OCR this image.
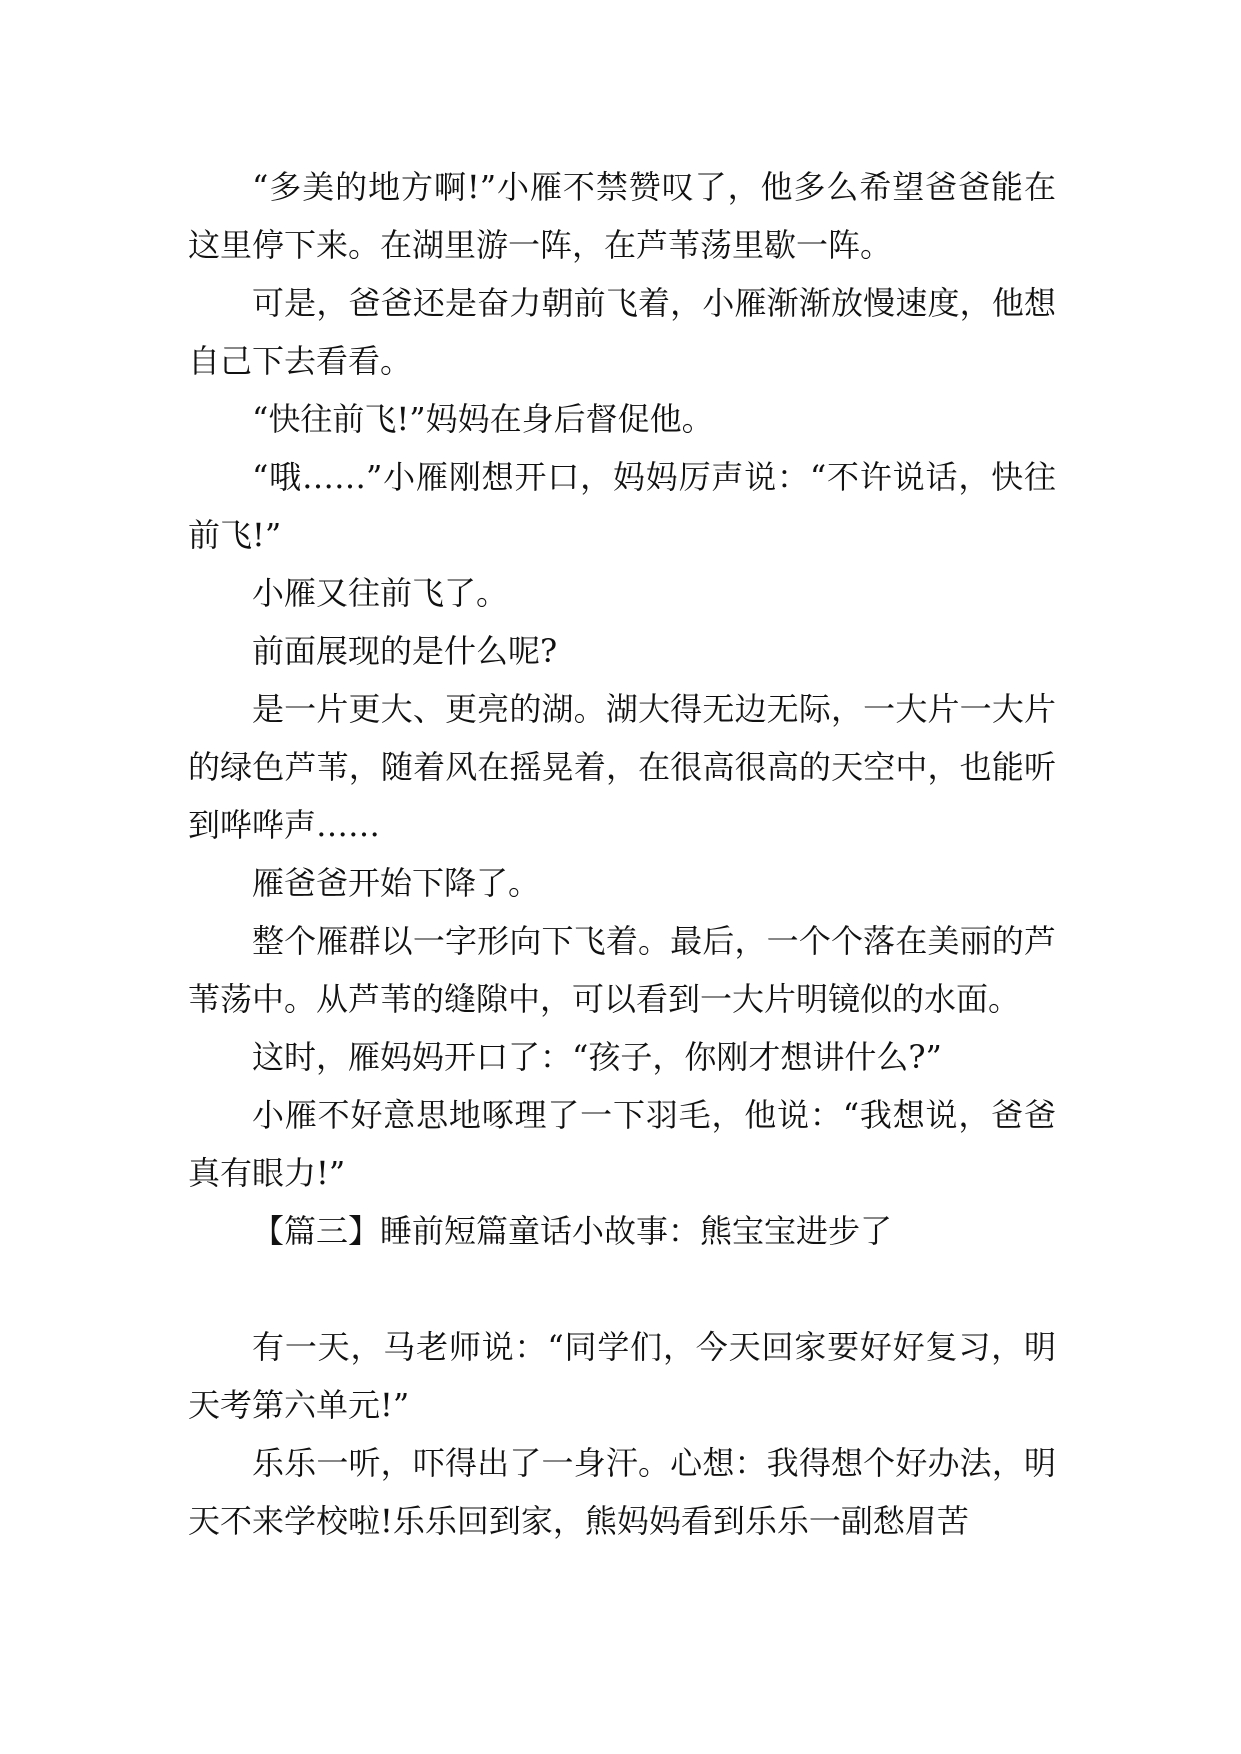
“多美的地方啊!”小雁不禁赞叹了，他多么希望爸爸能在这里停下来。在湖里游一阵，在芦苇荡里歇一阵。

可是，爸爸还是奋力朝前飞着，小雁渐渐放慢速度，他想自己下去看看。

“快往前飞!”妈妈在身后督促他。

“哦……”小雁刚想开口，妈妈厉声说：“不许说话，快往前飞!”

小雁又往前飞了。

前面展现的是什么呢?

是一片更大、更亮的湖。湖大得无边无际，一大片一大片的绿色芦苇，随着风在摇晃着，在很高很高的天空中，也能听到哗哗声……

雁爸爸开始下降了。

整个雁群以一字形向下飞着。最后，一个个落在美丽的芦苇荡中。从芦苇的缝隙中，可以看到一大片明镜似的水面。

这时，雁妈妈开口了：“孩子，你刚才想讲什么?”

小雁不好意思地啄理了一下羽毛，他说：“我想说，爸爸真有眼力!”

【篇三】睡前短篇童话小故事：熊宝宝进步了

有一天，马老师说：“同学们，今天回家要好好复习，明天考第六单元!”

乐乐一听，吓得出了一身汗。心想：我得想个好办法，明天不来学校啦!乐乐回到家，熊妈妈看到乐乐一副愁眉苦
